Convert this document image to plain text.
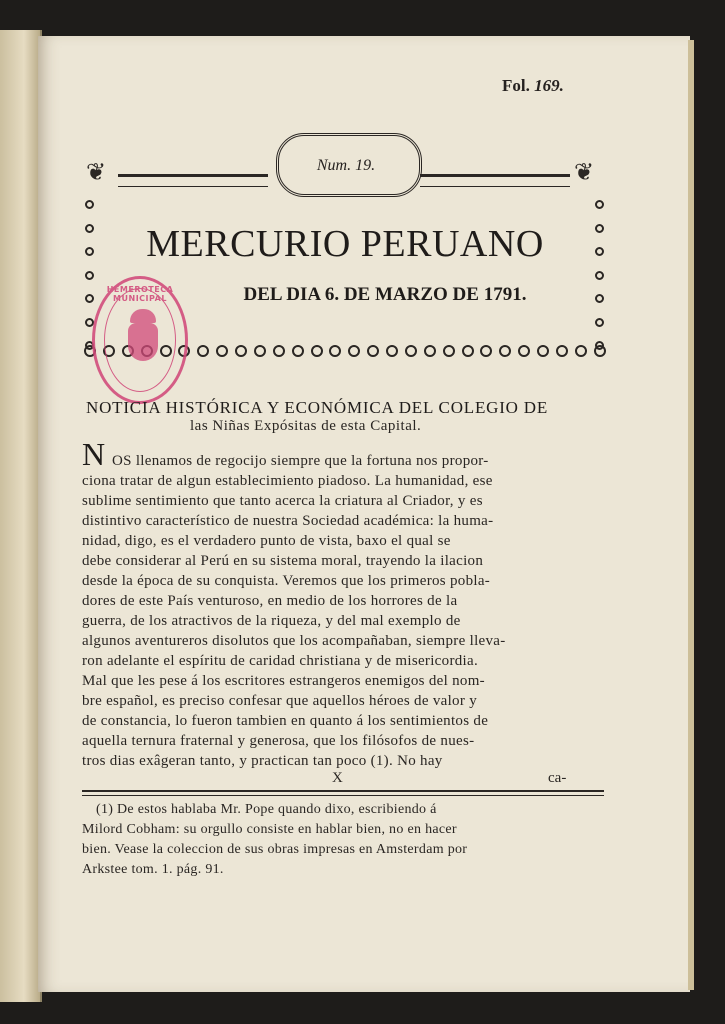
Fol. 169.
❦	Num. 19.	❦
MERCURIO PERUANO
DEL DIA 6. DE MARZO DE 1791.
HEMEROTECA MUNICIPAL
NOTICIA HISTÓRICA Y ECONÓMICA DEL COLEGIO DE
las Niñas Expósitas de esta Capital.
N OS llenamos de regocijo siempre que la fortuna nos propor-
ciona tratar de algun establecimiento piadoso. La humanidad, ese
sublime sentimiento que tanto acerca la criatura al Criador, y es
distintivo característico de nuestra Sociedad académica: la huma-
nidad, digo, es el verdadero punto de vista, baxo el qual se
debe considerar al Perú en su sistema moral, trayendo la ilacion
desde la época de su conquista. Veremos que los primeros pobla-
dores de este País venturoso, en medio de los horrores de la
guerra, de los atractivos de la riqueza, y del mal exemplo de
algunos aventureros disolutos que los acompañaban, siempre lleva-
ron adelante el espíritu de caridad christiana y de misericordia.
Mal que les pese á los escritores estrangeros enemigos del nom-
bre español, es preciso confesar que aquellos héroes de valor y
de constancia, lo fueron tambien en quanto á los sentimientos de
aquella ternura fraternal y generosa, que los filósofos de nues-
tros dias exâgeran tanto, y practican tan poco (1). No hay
X	ca-
(1) De estos hablaba Mr. Pope quando dixo, escribiendo á
Milord Cobham: su orgullo consiste en hablar bien, no en hacer
bien. Vease la coleccion de sus obras impresas en Amsterdam por
Arkstee tom. 1. pág. 91.
